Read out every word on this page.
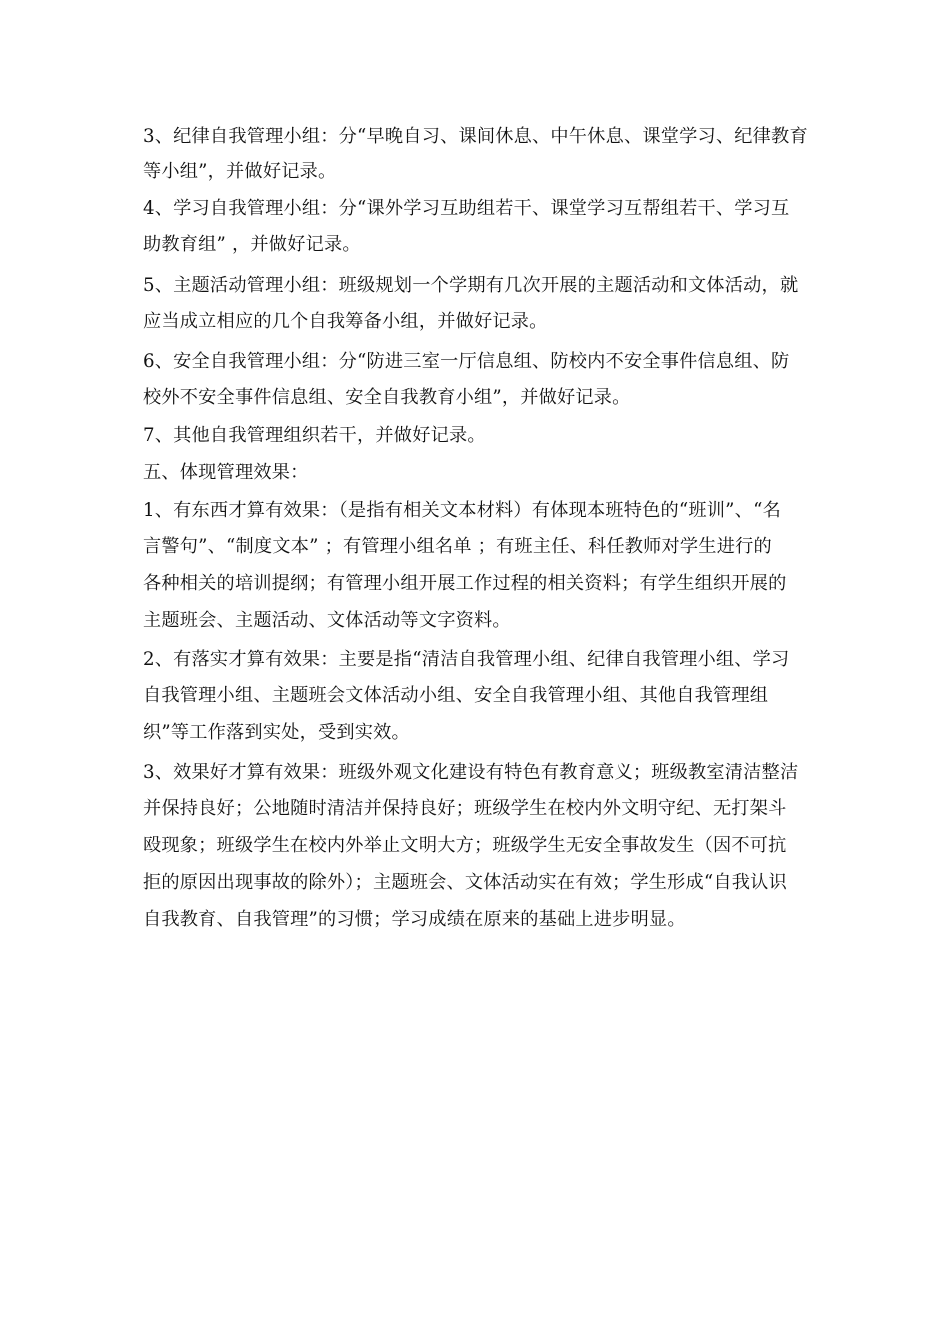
3、纪律自我管理小组：分“早晚自习、课间休息、中午休息、课堂学习、纪律教育
等小组”，并做好记录。
4、学习自我管理小组：分“课外学习互助组若干、课堂学习互帮组若干、学习互
助教育组” ，并做好记录。
5、主题活动管理小组：班级规划一个学期有几次开展的主题活动和文体活动，就
应当成立相应的几个自我筹备小组，并做好记录。
6、安全自我管理小组：分“防进三室一厅信息组、防校内不安全事件信息组、防
校外不安全事件信息组、安全自我教育小组”，并做好记录。
7、其他自我管理组织若干，并做好记录。
五、体现管理效果：
1、有东西才算有效果：（是指有相关文本材料）有体现本班特色的“班训”、“名
言警句”、“制度文本” ；有管理小组名单 ；有班主任、科任教师对学生进行的
各种相关的培训提纲；有管理小组开展工作过程的相关资料；有学生组织开展的
主题班会、主题活动、文体活动等文字资料。
2、有落实才算有效果：主要是指“清洁自我管理小组、纪律自我管理小组、学习
自我管理小组、主题班会文体活动小组、安全自我管理小组、其他自我管理组
织”等工作落到实处，受到实效。
3、效果好才算有效果：班级外观文化建设有特色有教育意义；班级教室清洁整洁
并保持良好；公地随时清洁并保持良好；班级学生在校内外文明守纪、无打架斗
殴现象；班级学生在校内外举止文明大方；班级学生无安全事故发生（因不可抗
拒的原因出现事故的除外）；主题班会、文体活动实在有效；学生形成“自我认识
自我教育、自我管理”的习惯；学习成绩在原来的基础上进步明显。
